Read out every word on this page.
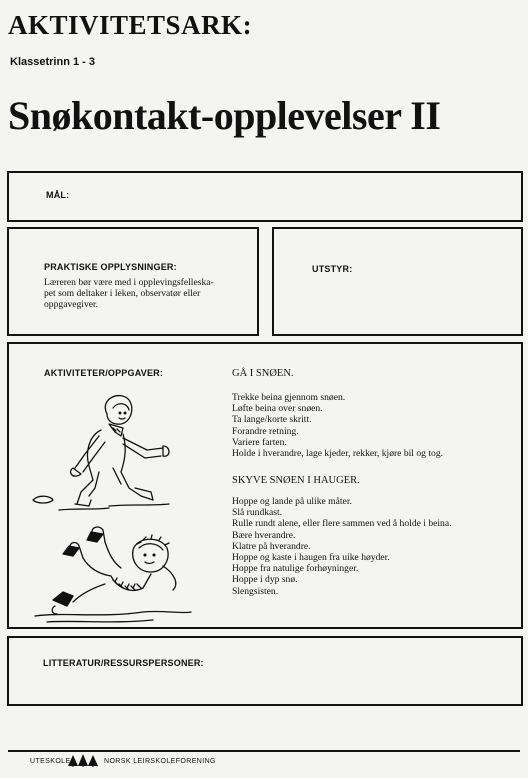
AKTIVITETSARK:
Klassetrinn 1 - 3
Snøkontakt-opplevelser II
MÅL:
PRAKTISKE OPPLYSNINGER:
Læreren bør være med i opplevingsfelleska-
pet som deltaker i leken, observatør eller
oppgavegiver.
UTSTYR:
AKTIVITETER/OPPGAVER:	GÅ I SNØEN.
Trekke beina gjennom snøen.
Løfte beina over snøen.
Ta lange/korte skritt.
Forandre retning.
Variere farten.
Holde i hverandre, lage kjeder, rekker, kjøre bil og tog.
SKYVE SNØEN I HAUGER.
Hoppe og lande på ulike måter.
Slå rundkast.
Rulle rundt alene, eller flere sammen ved å holde i beina.
Bære hverandre.
Klatre på hverandre.
Hoppe og kaste i haugen fra uike høyder.
Hoppe fra natulige forhøyninger.
Hoppe i dyp snø.
Slengsisten.
LITTERATUR/RESSURSPERSONER:
UTESKOLE	NORSK LEIRSKOLEFORENING
